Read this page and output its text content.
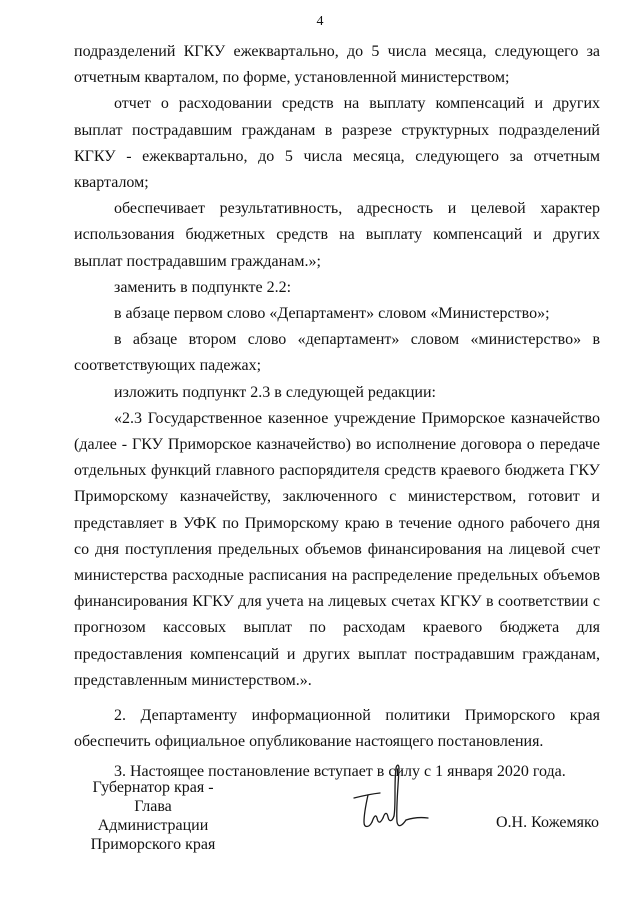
4

подразделений КГКУ ежеквартально, до 5 числа месяца, следующего за отчетным кварталом, по форме, установленной министерством;

отчет о расходовании средств на выплату компенсаций и других выплат пострадавшим гражданам в разрезе структурных подразделений КГКУ - ежеквартально, до 5 числа месяца, следующего за отчетным кварталом;

обеспечивает результативность, адресность и целевой характер использования бюджетных средств на выплату компенсаций и других выплат пострадавшим гражданам.»;

заменить в подпункте 2.2:

в абзаце первом слово «Департамент» словом «Министерство»;

в абзаце втором слово «департамент» словом «министерство» в соответствующих падежах;

изложить подпункт 2.3 в следующей редакции:

«2.3 Государственное казенное учреждение Приморское казначейство (далее - ГКУ Приморское казначейство) во исполнение договора о передаче отдельных функций главного распорядителя средств краевого бюджета ГКУ Приморскому казначейству, заключенного с министерством, готовит и представляет в УФК по Приморскому краю в течение одного рабочего дня со дня поступления предельных объемов финансирования на лицевой счет министерства расходные расписания на распределение предельных объемов финансирования КГКУ для учета на лицевых счетах КГКУ в соответствии с прогнозом кассовых выплат по расходам краевого бюджета для предоставления компенсаций и других выплат пострадавшим гражданам, представленным министерством.».

2. Департаменту информационной политики Приморского края обеспечить официальное опубликование настоящего постановления.

3. Настоящее постановление вступает в силу с 1 января 2020 года.

Губернатор края -
Глава Администрации
Приморского края
О.Н. Кожемяко
